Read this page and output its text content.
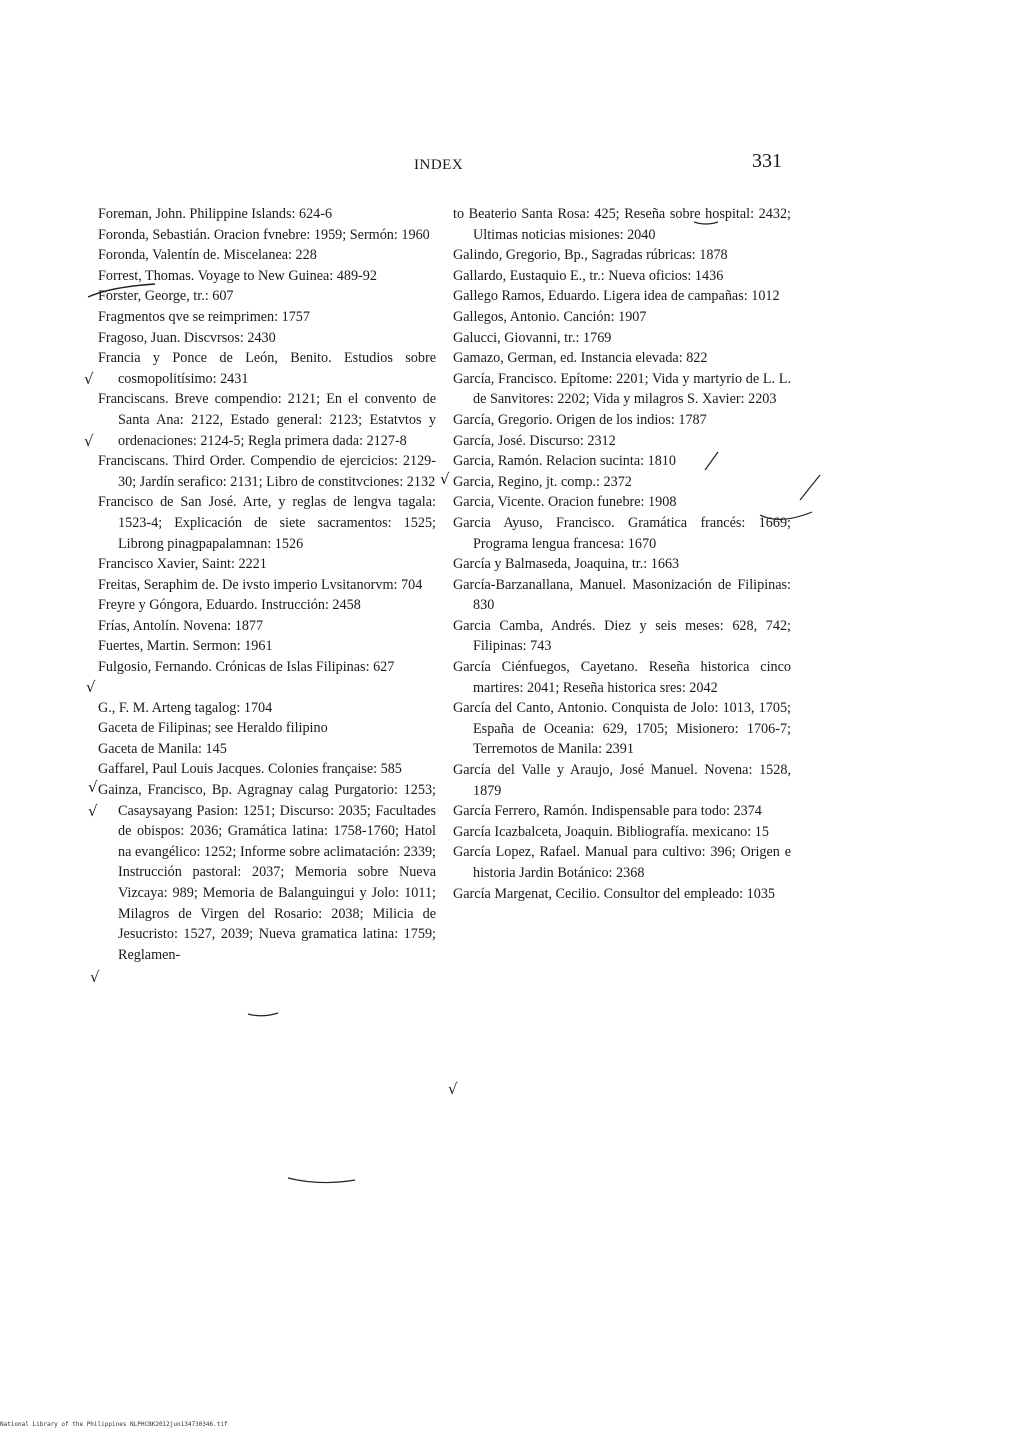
INDEX	331

Foreman, John. Philippine Islands: 624-6

Foronda, Sebastián. Oracion fvnebre: 1959; Sermón: 1960

Foronda, Valentín de. Miscelanea: 228

Forrest, Thomas. Voyage to New Guinea: 489-92

Forster, George, tr.: 607

Fragmentos qve se reimprimen: 1757

Fragoso, Juan. Discvrsos: 2430

Francia y Ponce de León, Benito. Estudios sobre cosmopolitísimo: 2431

Franciscans. Breve compendio: 2121; En el convento de Santa Ana: 2122, Estado general: 2123; Estatvtos y ordenaciones: 2124-5; Regla primera dada: 2127-8

Franciscans. Third Order. Compendio de ejercicios: 2129-30; Jardín serafico: 2131; Libro de constitvciones: 2132

Francisco de San José. Arte, y reglas de lengva tagala: 1523-4; Explicación de siete sacramentos: 1525; Librong pinagpapalamnan: 1526

Francisco Xavier, Saint: 2221

Freitas, Seraphim de. De ivsto imperio Lvsitanorvm: 704

Freyre y Góngora, Eduardo. Instrucción: 2458

Frías, Antolín. Novena: 1877

Fuertes, Martin. Sermon: 1961

Fulgosio, Fernando. Crónicas de Islas Filipinas: 627

G., F. M. Arteng tagalog: 1704

Gaceta de Filipinas; see Heraldo filipino

Gaceta de Manila: 145

Gaffarel, Paul Louis Jacques. Colonies française: 585

Gainza, Francisco, Bp. Agragnay calag Purgatorio: 1253; Casaysayang Pasion: 1251; Discurso: 2035; Facultades de obispos: 2036; Gramática latina: 1758-1760; Hatol na evangélico: 1252; Informe sobre aclimatación: 2339; Instrucción pastoral: 2037; Memoria sobre Nueva Vizcaya: 989; Memoria de Balanguingui y Jolo: 1011; Milagros de Virgen del Rosario: 2038; Milicia de Jesucristo: 1527, 2039; Nueva gramatica latina: 1759; Reglamen-

to Beaterio Santa Rosa: 425; Reseña sobre hospital: 2432; Ultimas noticias misiones: 2040

Galindo, Gregorio, Bp., Sagradas rúbricas: 1878

Gallardo, Eustaquio E., tr.: Nueva oficios: 1436

Gallego Ramos, Eduardo. Ligera idea de campañas: 1012

Gallegos, Antonio. Canción: 1907

Galucci, Giovanni, tr.: 1769

Gamazo, German, ed. Instancia elevada: 822

García, Francisco. Epítome: 2201; Vida y martyrio de L. L. de Sanvitores: 2202; Vida y milagros S. Xavier: 2203

García, Gregorio. Origen de los indios: 1787

García, José. Discurso: 2312

Garcia, Ramón. Relacion sucinta: 1810

Garcia, Regino, jt. comp.: 2372

Garcia, Vicente. Oracion funebre: 1908

Garcia Ayuso, Francisco. Gramática francés: 1669; Programa lengua francesa: 1670

García y Balmaseda, Joaquina, tr.: 1663

García-Barzanallana, Manuel. Masonización de Filipinas: 830

Garcia Camba, Andrés. Diez y seis meses: 628, 742; Filipinas: 743

García Ciénfuegos, Cayetano. Reseña historica cinco martires: 2041; Reseña historica sres: 2042

García del Canto, Antonio. Conquista de Jolo: 1013, 1705; España de Oceania: 629, 1705; Misionero: 1706-7; Terremotos de Manila: 2391

García del Valle y Araujo, José Manuel. Novena: 1528, 1879

García Ferrero, Ramón. Indispensable para todo: 2374

García Icazbalceta, Joaquin. Bibliografía. mexicano: 15

García Lopez, Rafael. Manual para cultivo: 396; Origen e historia Jardin Botánico: 2368

García Margenat, Cecilio. Consultor del empleado: 1035

√
√
√
√
√
√
√
√
National Library of the Philippines NLPHCBK2012jun134730346.tif
